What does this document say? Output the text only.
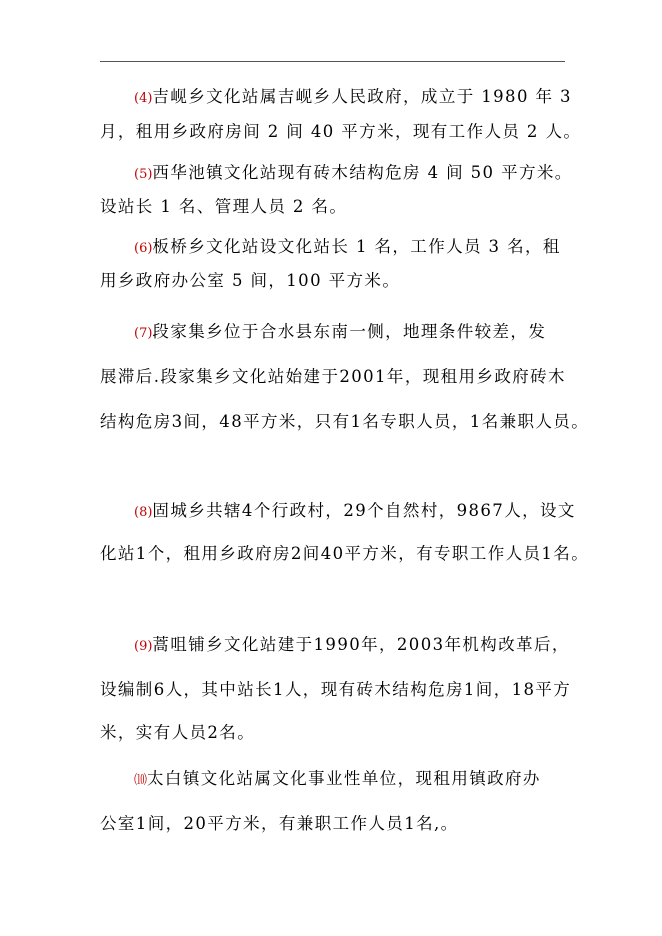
(4)吉岘乡文化站属吉岘乡人民政府，成立于 1980 年 3
月，租用乡政府房间 2 间 40 平方米，现有工作人员 2 人。
(5)西华池镇文化站现有砖木结构危房 4 间 50 平方米。
设站长 1 名、管理人员 2 名。
(6)板桥乡文化站设文化站长 1 名，工作人员 3 名，租
用乡政府办公室 5 间，100 平方米。
(7)段家集乡位于合水县东南一侧，地理条件较差，发
展滞后.段家集乡文化站始建于2001年，现租用乡政府砖木
结构危房3间，48平方米，只有1名专职人员，1名兼职人员。
(8)固城乡共辖4个行政村，29个自然村，9867人，设文
化站1个，租用乡政府房2间40平方米，有专职工作人员1名。
(9)蒿咀铺乡文化站建于1990年，2003年机构改革后，
设编制6人，其中站长1人，现有砖木结构危房1间，18平方
米，实有人员2名。
⑽太白镇文化站属文化事业性单位，现租用镇政府办
公室1间，20平方米，有兼职工作人员1名,。
